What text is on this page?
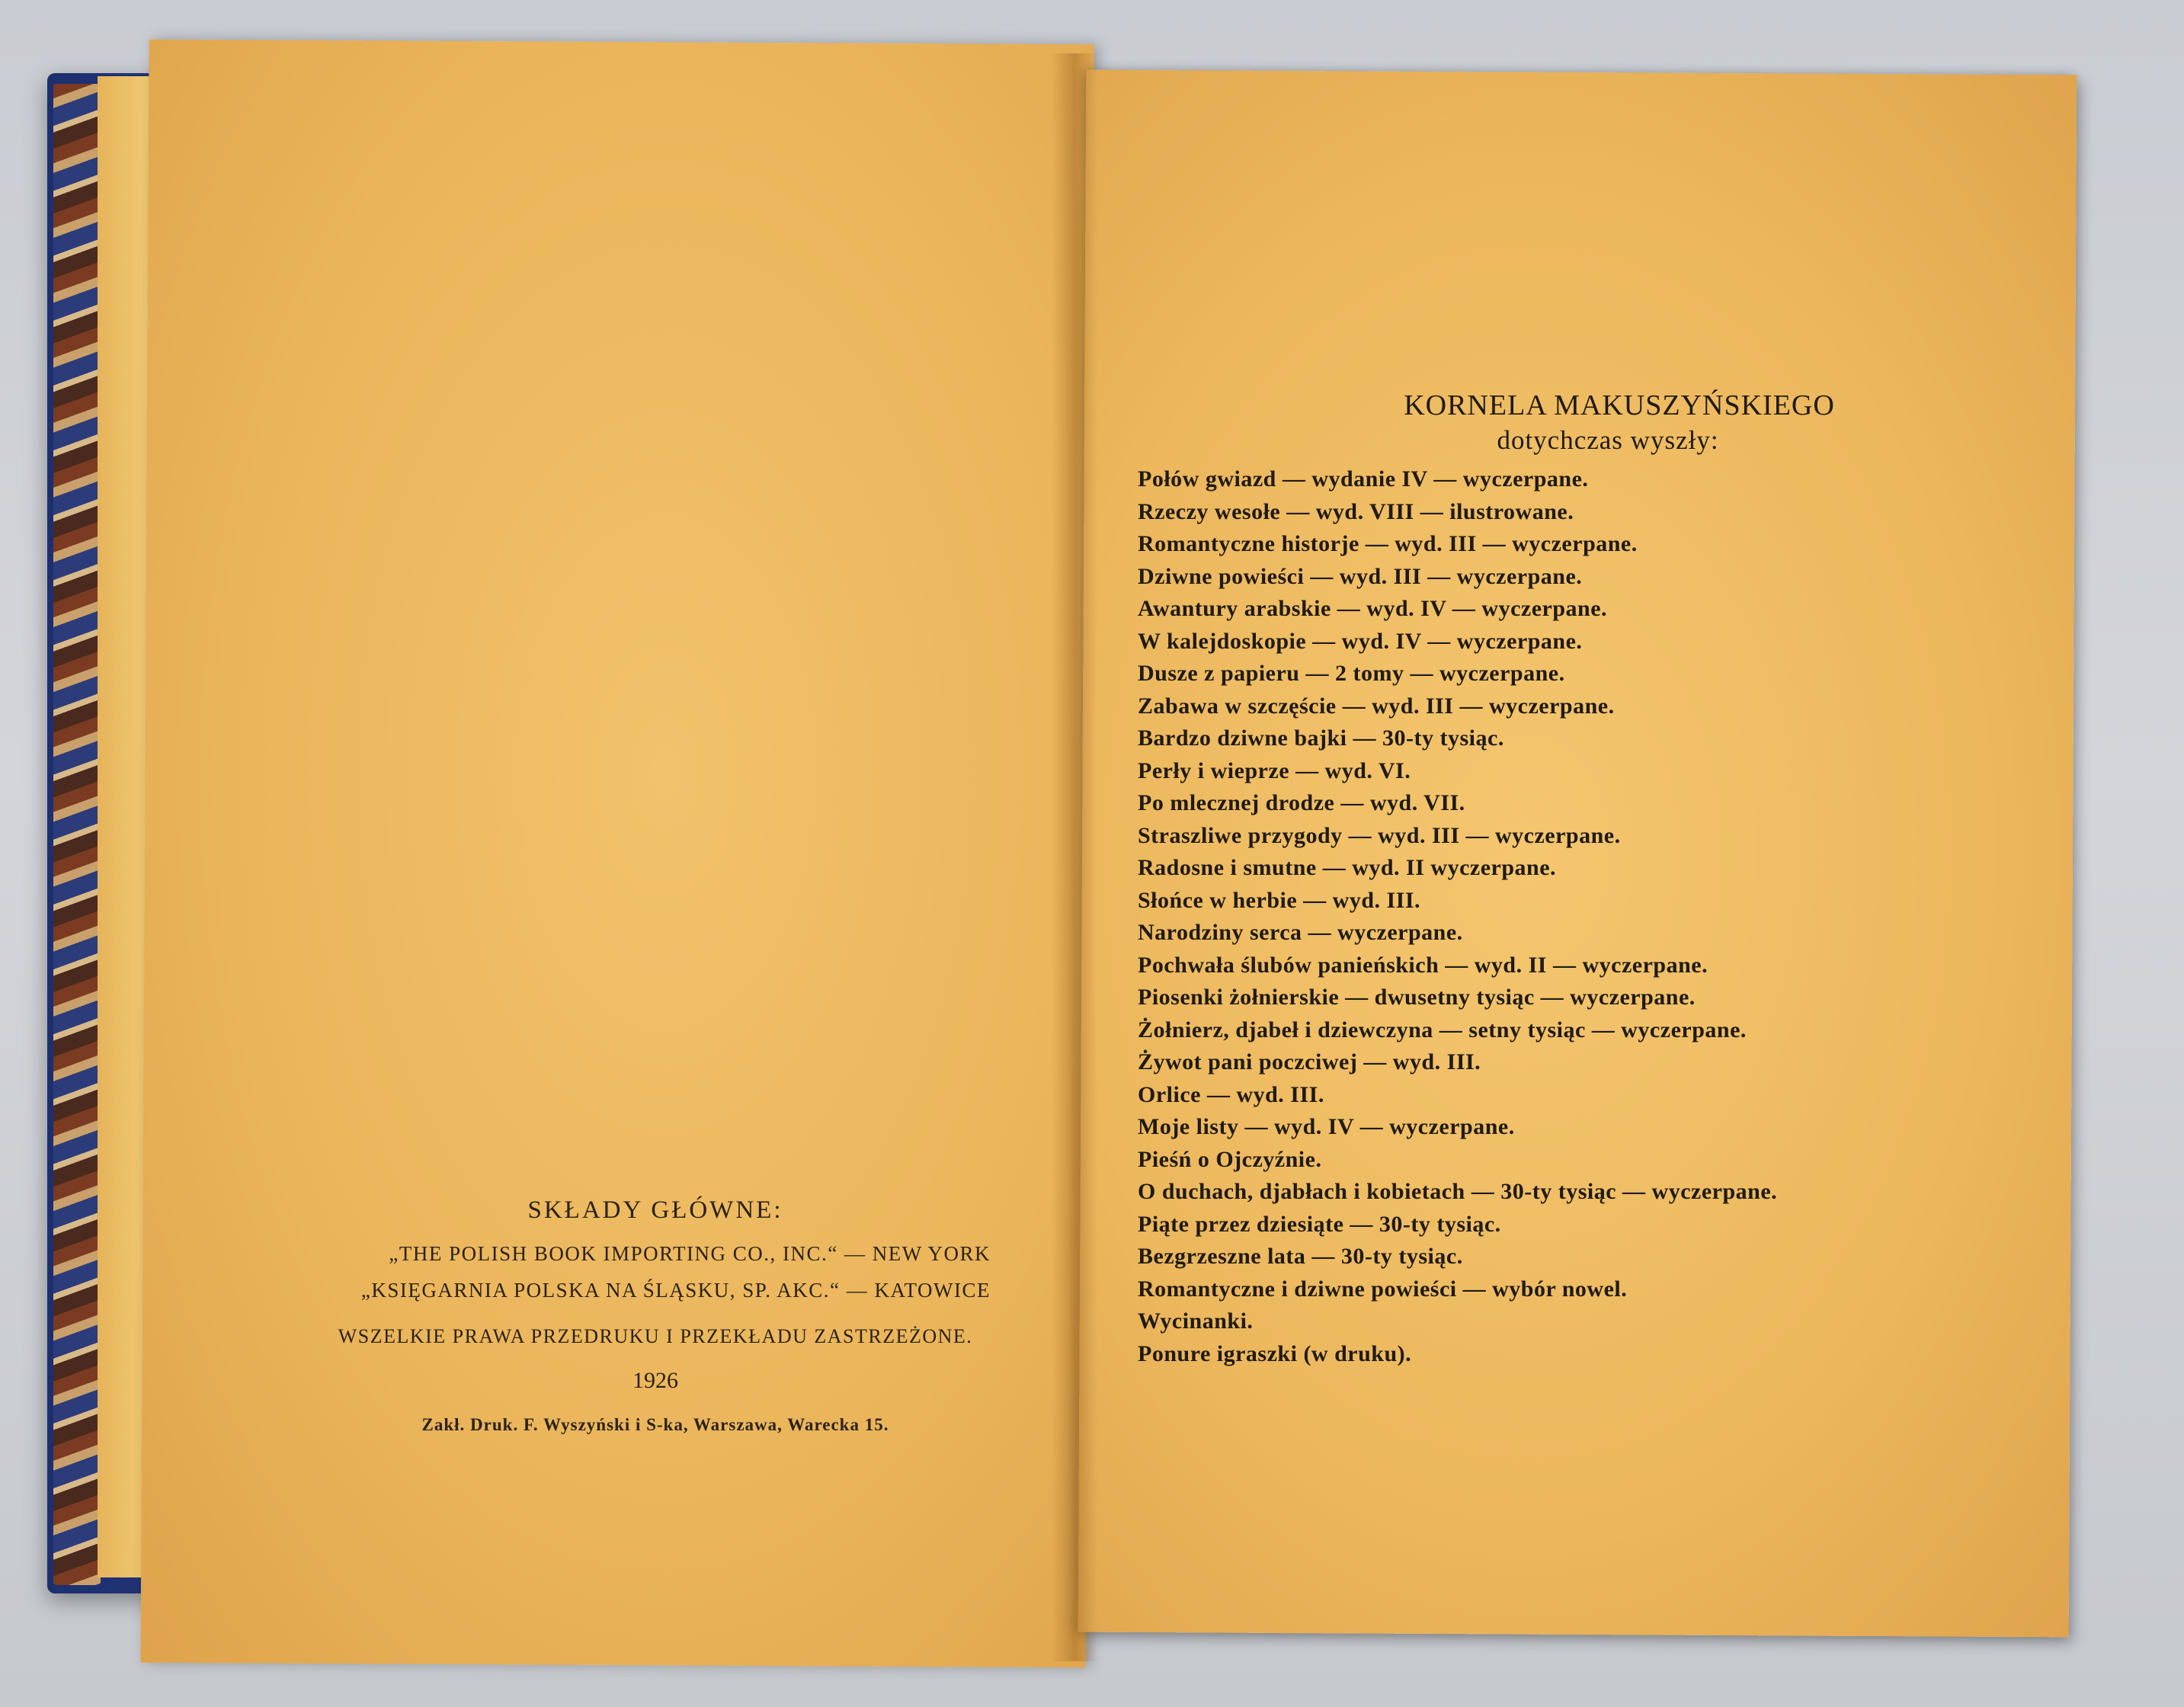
SKŁADY GŁÓWNE:
„THE POLISH BOOK IMPORTING CO., INC.“ — NEW YORK
„KSIĘGARNIA POLSKA NA ŚLĄSKU, SP. AKC.“ — KATOWICE
WSZELKIE PRAWA PRZEDRUKU I PRZEKŁADU ZASTRZEŻONE.
1926
Zakł. Druk. F. Wyszyński i S-ka, Warszawa, Warecka 15.
KORNELA MAKUSZYŃSKIEGO
dotychczas wyszły:
Połów gwiazd — wydanie IV — wyczerpane.
Rzeczy wesołe — wyd. VIII — ilustrowane.
Romantyczne historje — wyd. III — wyczerpane.
Dziwne powieści — wyd. III — wyczerpane.
Awantury arabskie — wyd. IV — wyczerpane.
W kalejdoskopie — wyd. IV — wyczerpane.
Dusze z papieru — 2 tomy — wyczerpane.
Zabawa w szczęście — wyd. III — wyczerpane.
Bardzo dziwne bajki — 30-ty tysiąc.
Perły i wieprze — wyd. VI.
Po mlecznej drodze — wyd. VII.
Straszliwe przygody — wyd. III — wyczerpane.
Radosne i smutne — wyd. II wyczerpane.
Słońce w herbie — wyd. III.
Narodziny serca — wyczerpane.
Pochwała ślubów panieńskich — wyd. II — wyczerpane.
Piosenki żołnierskie — dwusetny tysiąc — wyczerpane.
Żołnierz, djabeł i dziewczyna — setny tysiąc — wyczerpane.
Żywot pani poczciwej — wyd. III.
Orlice — wyd. III.
Moje listy — wyd. IV — wyczerpane.
Pieśń o Ojczyźnie.
O duchach, djabłach i kobietach — 30-ty tysiąc — wyczerpane.
Piąte przez dziesiąte — 30-ty tysiąc.
Bezgrzeszne lata — 30-ty tysiąc.
Romantyczne i dziwne powieści — wybór nowel.
Wycinanki.
Ponure igraszki (w druku).
